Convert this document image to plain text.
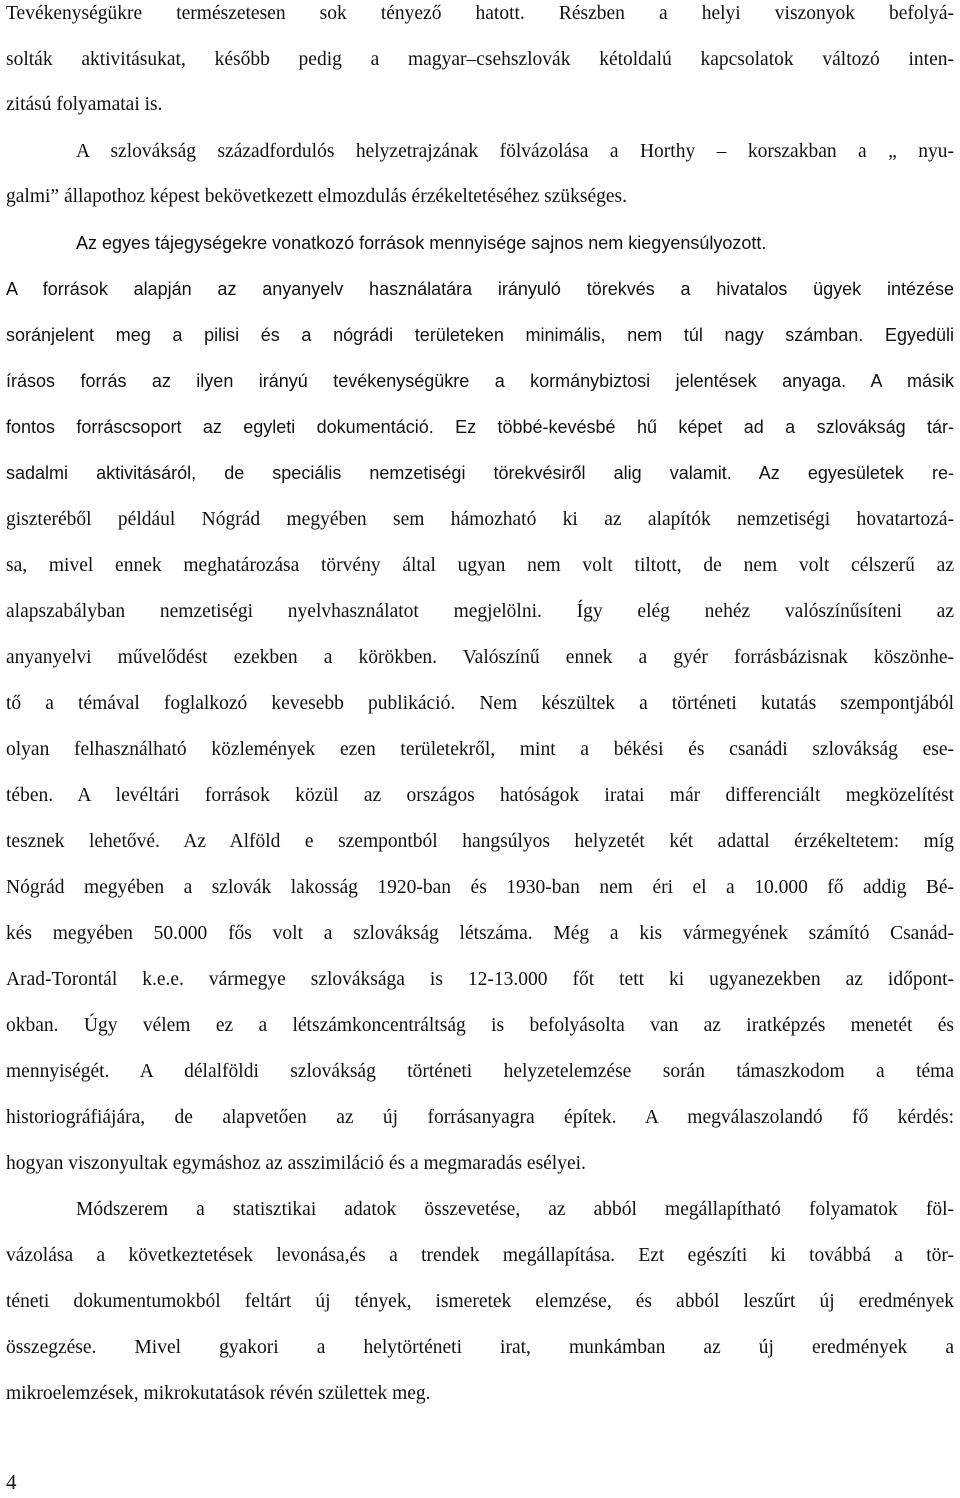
Tevékenységükre természetesen sok tényező hatott. Részben a helyi viszonyok befolyá-
solták aktivitásukat, később pedig a magyar–csehszlovák kétoldalú kapcsolatok változó inten-
zitású folyamatai is.
A szlovákság századfordulós helyzetrajzának fölvázolása a Horthy – korszakban a „ nyu-
galmi” állapothoz képest bekövetkezett elmozdulás érzékeltetéséhez szükséges.
Az egyes tájegységekre vonatkozó források mennyisége sajnos nem kiegyensúlyozott.
A források alapján az anyanyelv használatára irányuló törekvés a hivatalos ügyek intézése
soránjelent meg a pilisi és a nógrádi területeken minimális, nem túl nagy számban. Egyedüli
írásos forrás az ilyen irányú tevékenységükre a kormánybiztosi jelentések anyaga. A másik
fontos forráscsoport az egyleti dokumentáció. Ez többé-kevésbé hű képet ad a szlovákság tár-
sadalmi aktivitásáról, de speciális nemzetiségi törekvésiről alig valamit. Az egyesületek re-
giszteréből például Nógrád megyében sem hámozható ki az alapítók nemzetiségi hovatartozá-
sa, mivel ennek meghatározása törvény által ugyan nem volt tiltott, de nem volt célszerű az
alapszabályban nemzetiségi nyelvhasználatot megjelölni. Így elég nehéz valószínűsíteni az
anyanyelvi művelődést ezekben a körökben. Valószínű ennek a gyér forrásbázisnak köszönhe-
tő a témával foglalkozó kevesebb publikáció. Nem készültek a történeti kutatás szempontjából
olyan felhasználható közlemények ezen területekről, mint a békési és csanádi szlovákság ese-
tében. A levéltári források közül az országos hatóságok iratai már differenciált megközelítést
tesznek lehetővé. Az Alföld e szempontból hangsúlyos helyzetét két adattal érzékeltetem: míg
Nógrád megyében a szlovák lakosság 1920-ban és 1930-ban nem éri el a 10.000 fő addig Bé-
kés megyében 50.000 fős volt a szlovákság létszáma. Még a kis vármegyének számító Csanád-
Arad-Torontál k.e.e. vármegye szlováksága is 12-13.000 főt tett ki ugyanezekben az időpont-
okban. Úgy vélem ez a létszámkoncentráltság is befolyásolta van az iratképzés menetét és
mennyiségét. A délalföldi szlovákság történeti helyzetelemzése során támaszkodom a téma
historiográfiájára, de alapvetően az új forrásanyagra építek. A megválaszolandó fő kérdés:
hogyan viszonyultak egymáshoz az asszimiláció és a megmaradás esélyei.
Módszerem a statisztikai adatok összevetése, az abból megállapítható folyamatok föl-
vázolása a következtetések levonása,és a trendek megállapítása. Ezt egészíti ki továbbá a tör-
téneti dokumentumokból feltárt új tények, ismeretek elemzése, és abból leszűrt új eredmények
összegzése. Mivel gyakori a helytörténeti irat, munkámban az új eredmények a
mikroelemzések, mikrokutatások révén születtek meg.
4
